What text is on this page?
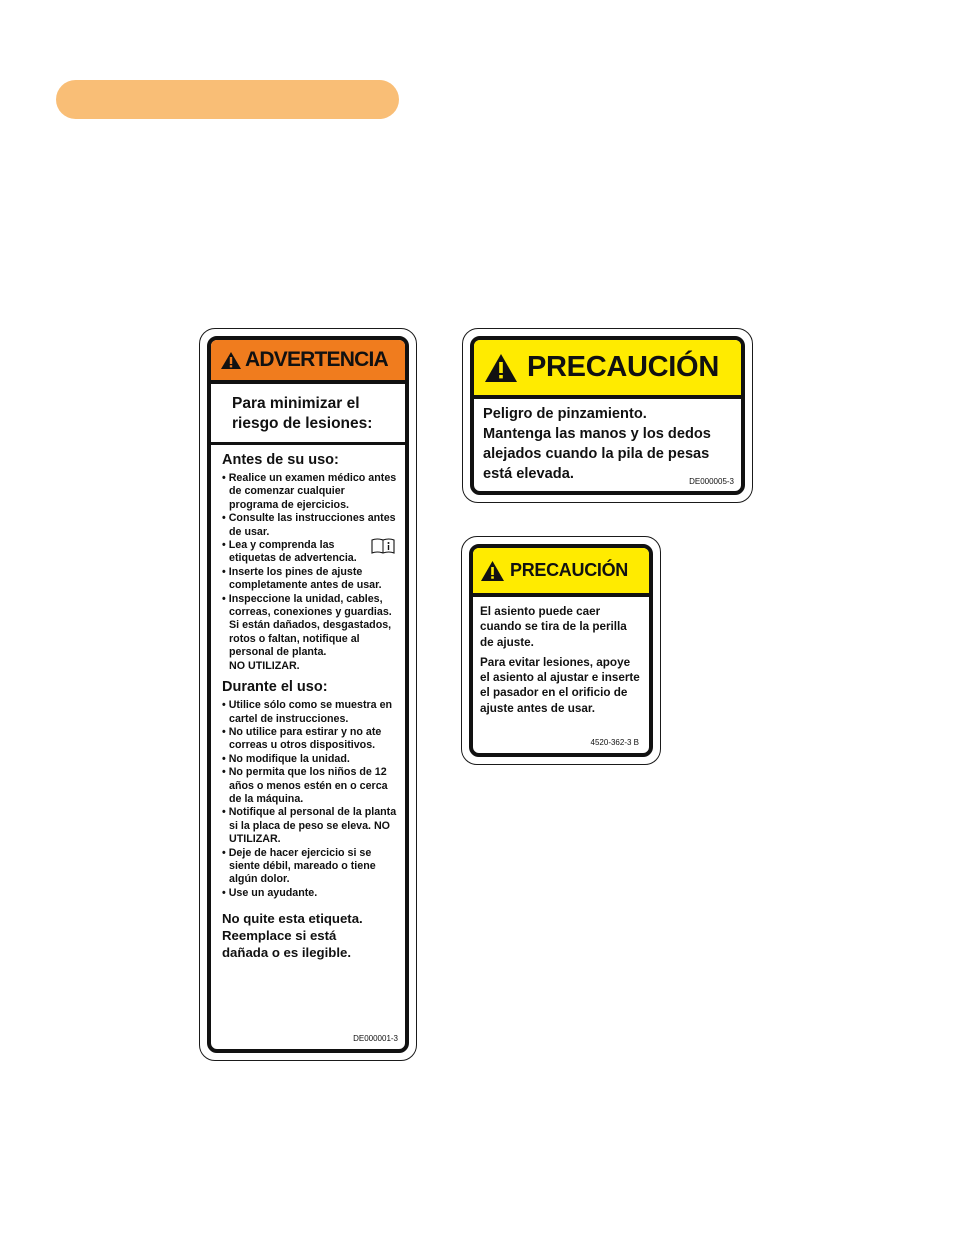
ADVERTENCIA
Para minimizar el
riesgo de lesiones:
Antes de su uso:
• Realice un examen médico antes de comenzar cualquier programa de ejercicios.
• Consulte las instrucciones antes de usar.
• Lea y comprenda las etiquetas de advertencia.
• Inserte los pines de ajuste completamente antes de usar.
• Inspeccione la unidad, cables, correas, conexiones y guardias. Si están dañados, desgastados, rotos o faltan, notifique al personal de planta.
NO UTILIZAR.
Durante el uso:
• Utilice sólo como se muestra en cartel de instrucciones.
• No utilice para estirar y no ate correas u otros dispositivos.
• No modifique la unidad.
• No permita que los niños de 12 años o menos estén en o cerca de la máquina.
• Notifique al personal de la planta si la placa de peso se eleva. NO UTILIZAR.
• Deje de hacer ejercicio si se siente débil, mareado o tiene algún dolor.
• Use un ayudante.
No quite esta etiqueta.
Reemplace si está
dañada o es ilegible.
DE000001-3
PRECAUCIÓN

Peligro de pinzamiento.

Mantenga las manos y los dedos

alejados cuando la pila de pesas

está elevada.	DE000005-3
PRECAUCIÓN

El asiento puede caer cuando se tira de la perilla de ajuste.

Para evitar lesiones, apoye el asiento al ajustar e inserte el pasador en el orificio de ajuste antes de usar.

4520-362-3 B
